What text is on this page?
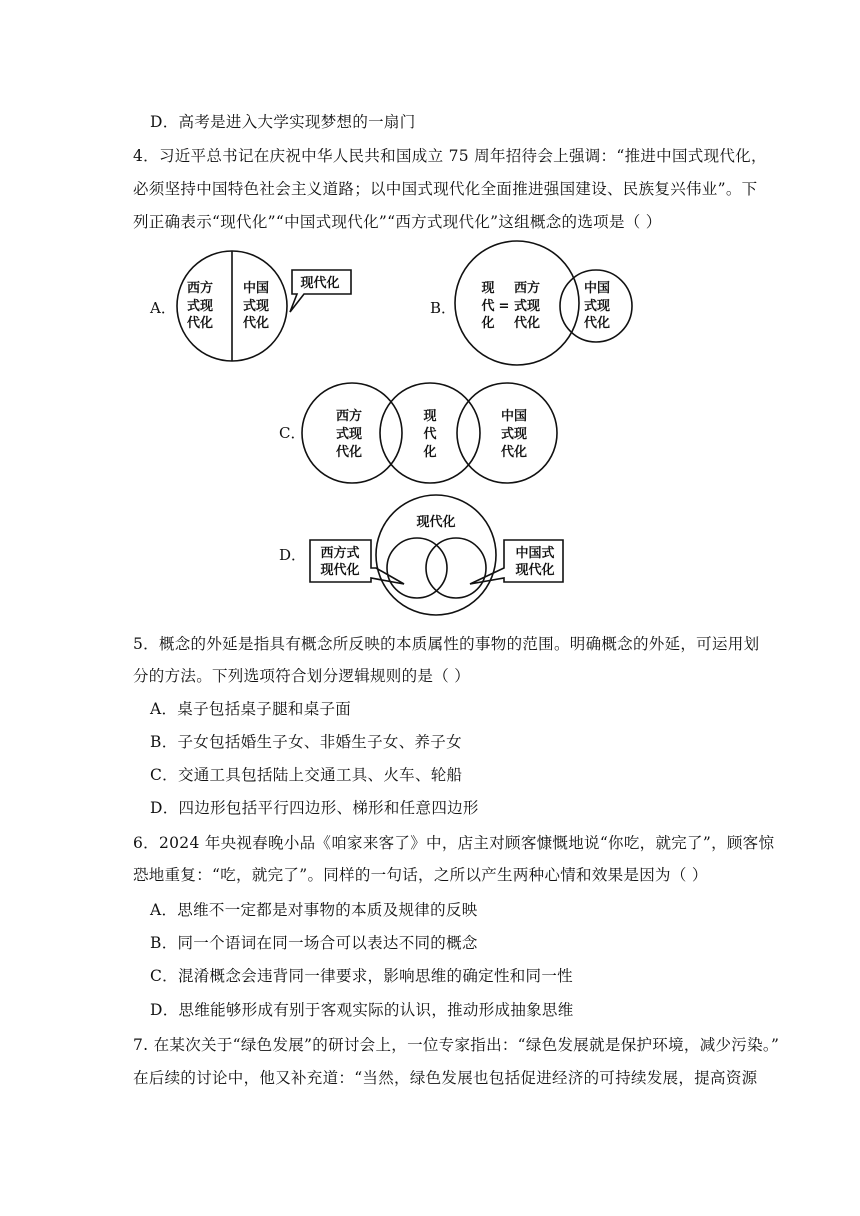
D．高考是进入大学实现梦想的一扇门
4．习近平总书记在庆祝中华人民共和国成立 75 周年招待会上强调：“推进中国式现代化，
必须坚持中国特色社会主义道路；以中国式现代化全面推进强国建设、民族复兴伟业”。下
列正确表示“现代化”“中国式现代化”“西方式现代化”这组概念的选项是（ ）
A．
西方
式现
代化
中国
式现
代化
现代化
B．
现
代
化
=
西方
式现
代化
中国
式现
代化
C．
西方
式现
代化
现
代
化
中国
式现
代化
D．
现代化
西方式
现代化
中国式
现代化
5．概念的外延是指具有概念所反映的本质属性的事物的范围。明确概念的外延，可运用划
分的方法。下列选项符合划分逻辑规则的是（ ）
A．桌子包括桌子腿和桌子面
B．子女包括婚生子女、非婚生子女、养子女
C．交通工具包括陆上交通工具、火车、轮船
D．四边形包括平行四边形、梯形和任意四边形
6．2024 年央视春晚小品《咱家来客了》中，店主对顾客慷慨地说“你吃，就完了”，顾客惊
恐地重复：“吃，就完了”。同样的一句话，之所以产生两种心情和效果是因为（ ）
A．思维不一定都是对事物的本质及规律的反映
B．同一个语词在同一场合可以表达不同的概念
C．混淆概念会违背同一律要求，影响思维的确定性和同一性
D．思维能够形成有别于客观实际的认识，推动形成抽象思维
7. 在某次关于“绿色发展”的研讨会上，一位专家指出：“绿色发展就是保护环境，减少污染。”
在后续的讨论中，他又补充道：“当然，绿色发展也包括促进经济的可持续发展，提高资源
